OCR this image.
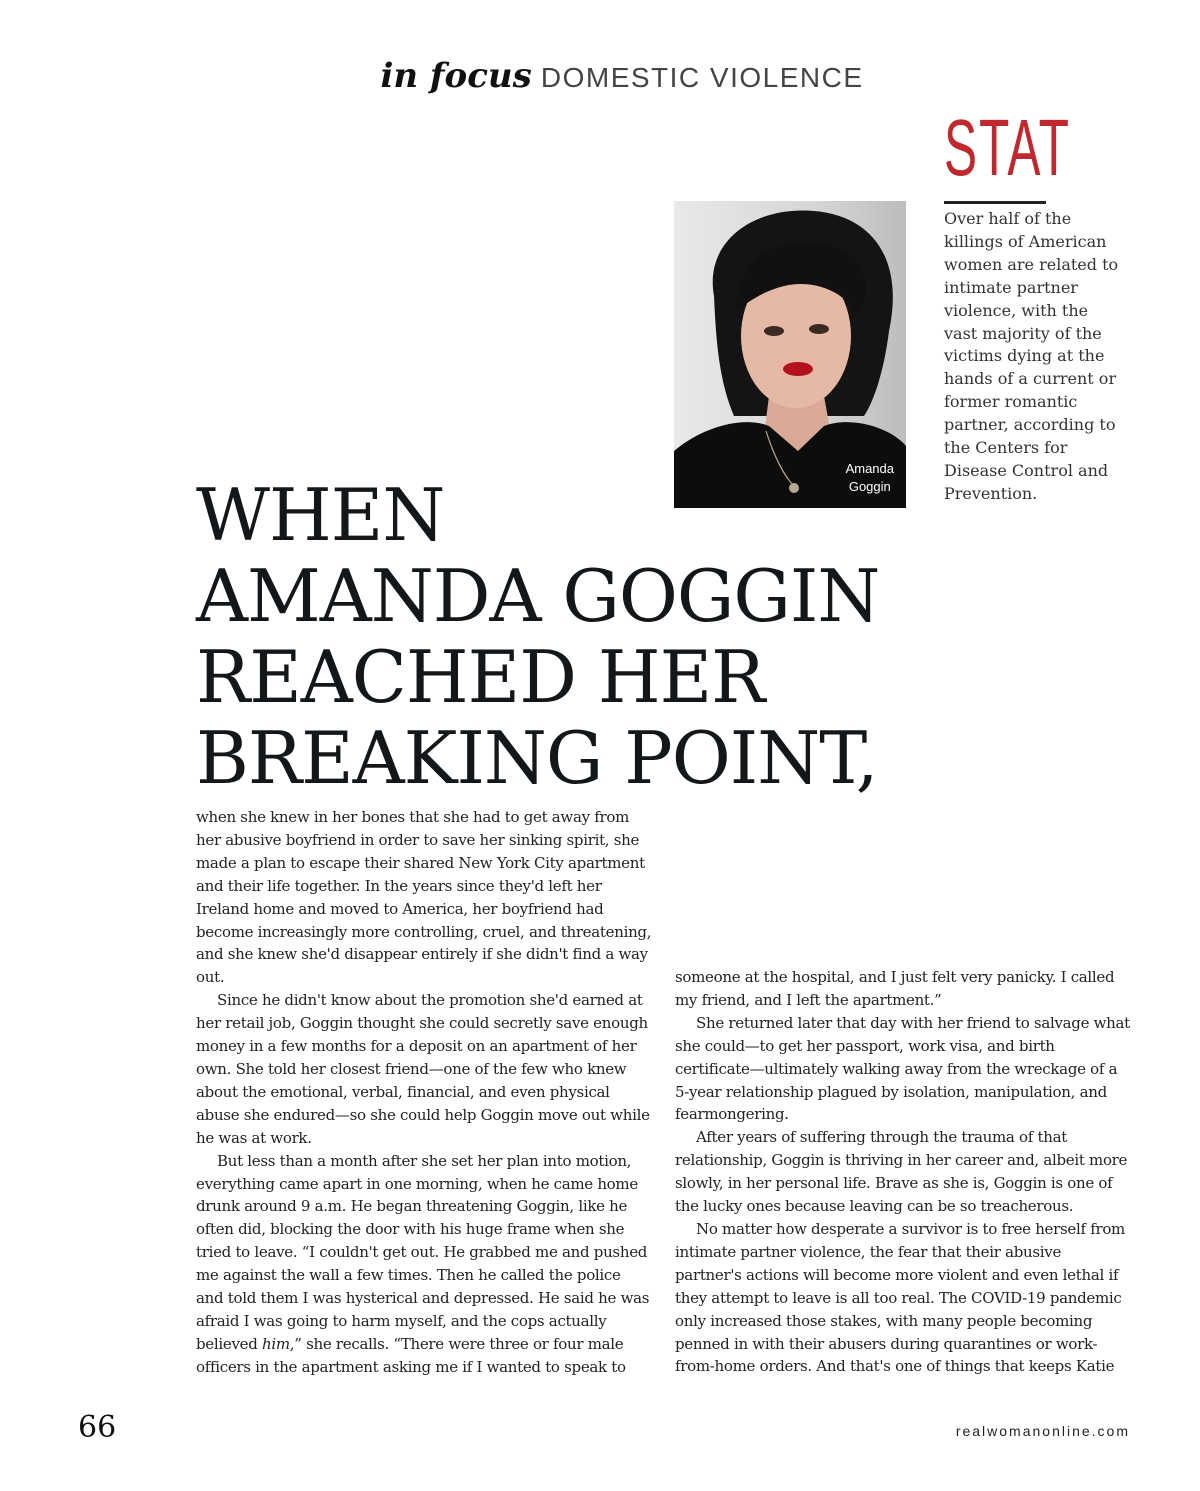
in focus DOMESTIC VIOLENCE
Amanda
Goggin
STAT
Over half of the killings of American women are related to intimate partner violence, with the vast majority of the victims dying at the hands of a current or former romantic partner, according to the Centers for Disease Control and Prevention.
WHEN
AMANDA GOGGIN
REACHED HER
BREAKING POINT,

when she knew in her bones that she had to get away from her abusive boyfriend in order to save her sinking spirit, she made a plan to escape their shared New York City apartment and their life together. In the years since they'd left her Ireland home and moved to America, her boyfriend had become increasingly more controlling, cruel, and threatening, and she knew she'd disappear entirely if she didn't find a way out.

Since he didn't know about the promotion she'd earned at her retail job, Goggin thought she could secretly save enough money in a few months for a deposit on an apartment of her own. She told her closest friend—one of the few who knew about the emotional, verbal, financial, and even physical abuse she endured—so she could help Goggin move out while he was at work.

But less than a month after she set her plan into motion, everything came apart in one morning, when he came home drunk around 9 a.m. He began threatening Goggin, like he often did, blocking the door with his huge frame when she tried to leave. “I couldn't get out. He grabbed me and pushed me against the wall a few times. Then he called the police and told them I was hysterical and depressed. He said he was afraid I was going to harm myself, and the cops actually believed him,” she recalls. “There were three or four male officers in the apartment asking me if I wanted to speak to

someone at the hospital, and I just felt very panicky. I called my friend, and I left the apartment.”

She returned later that day with her friend to salvage what she could—to get her passport, work visa, and birth certificate—ultimately walking away from the wreckage of a 5-year relationship plagued by isolation, manipulation, and fearmongering.

After years of suffering through the trauma of that relationship, Goggin is thriving in her career and, albeit more slowly, in her personal life. Brave as she is, Goggin is one of the lucky ones because leaving can be so treacherous.

No matter how desperate a survivor is to free herself from intimate partner violence, the fear that their abusive partner's actions will become more violent and even lethal if they attempt to leave is all too real. The COVID-19 pandemic only increased those stakes, with many people becoming penned in with their abusers during quarantines or work-from-home orders. And that's one of things that keeps Katie

66	realwomanonline.com
